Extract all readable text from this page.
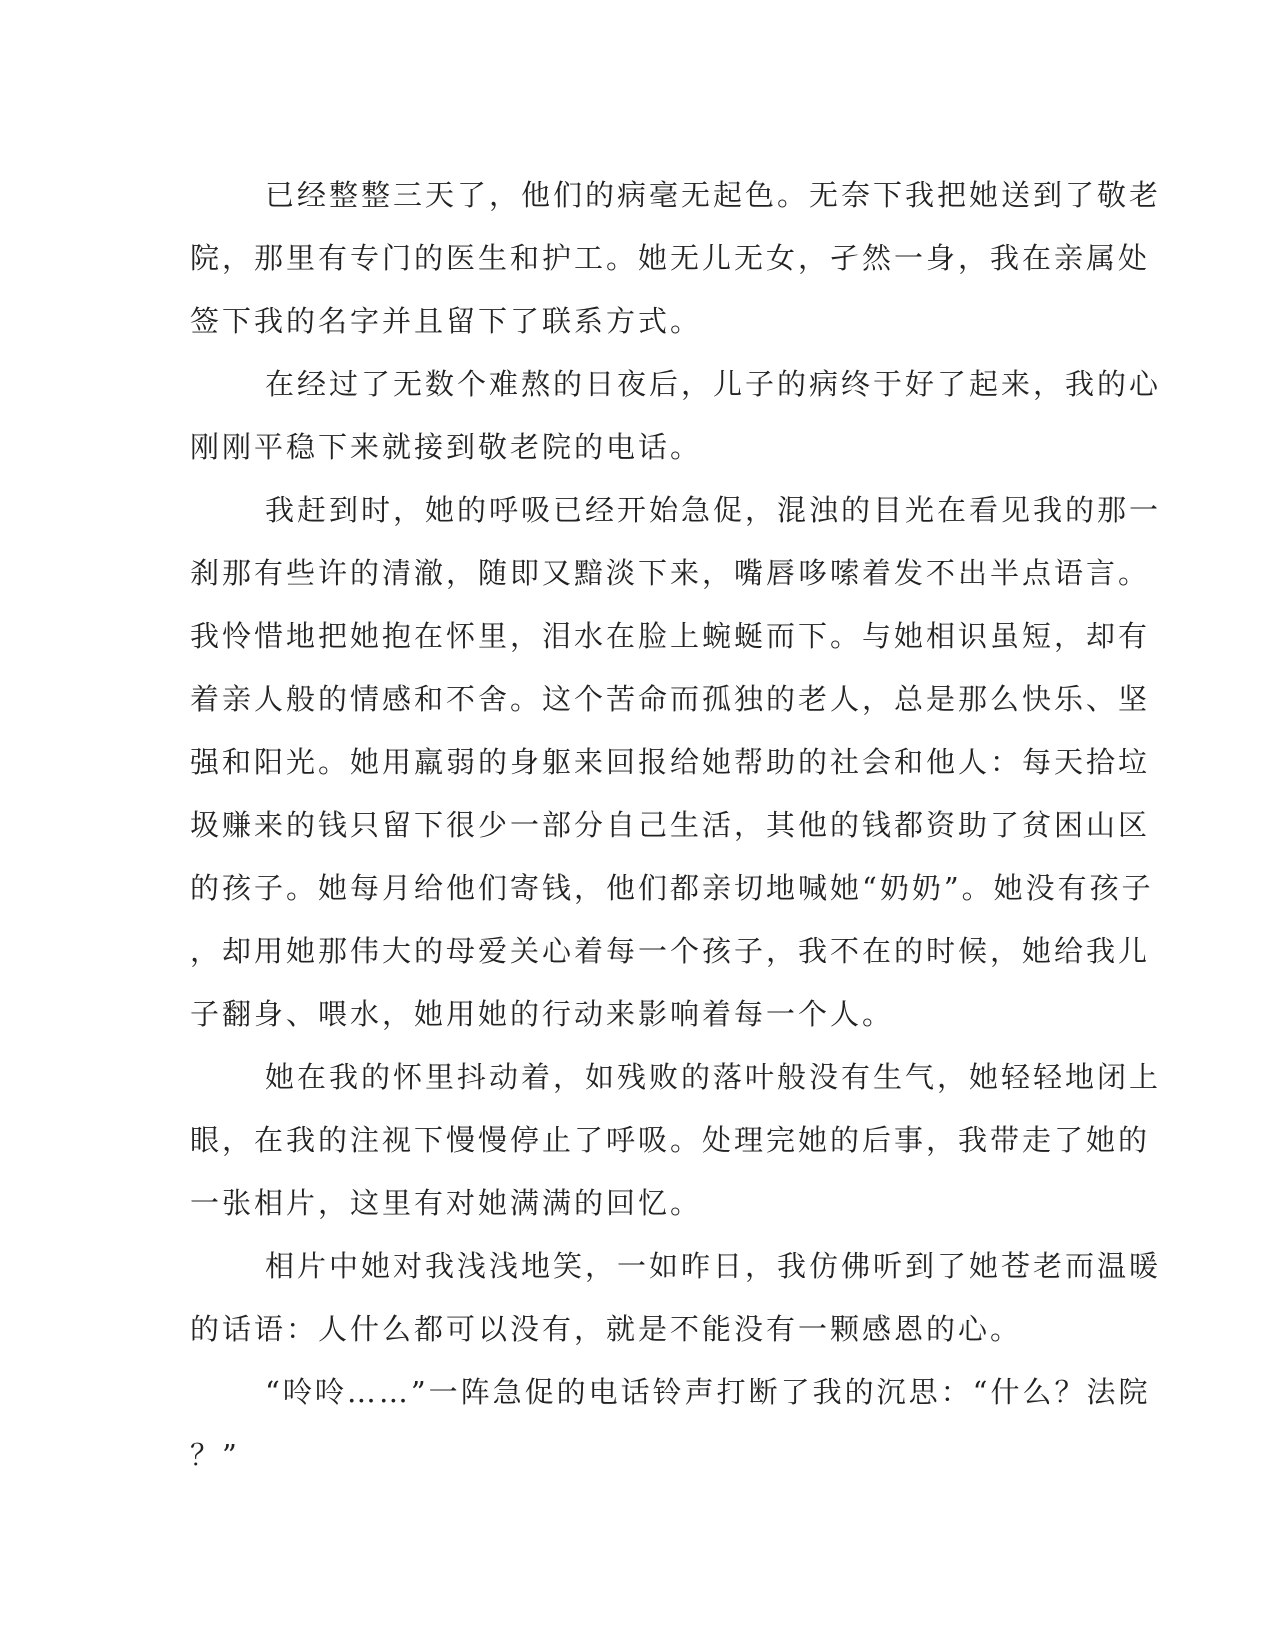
已经整整三天了，他们的病毫无起色。无奈下我把她送到了敬老
院，那里有专门的医生和护工。她无儿无女，孑然一身，我在亲属处
签下我的名字并且留下了联系方式。
在经过了无数个难熬的日夜后，儿子的病终于好了起来，我的心
刚刚平稳下来就接到敬老院的电话。
我赶到时，她的呼吸已经开始急促，混浊的目光在看见我的那一
刹那有些许的清澈，随即又黯淡下来，嘴唇哆嗦着发不出半点语言。
我怜惜地把她抱在怀里，泪水在脸上蜿蜒而下。与她相识虽短，却有
着亲人般的情感和不舍。这个苦命而孤独的老人，总是那么快乐、坚
强和阳光。她用羸弱的身躯来回报给她帮助的社会和他人：每天拾垃
圾赚来的钱只留下很少一部分自己生活，其他的钱都资助了贫困山区
的孩子。她每月给他们寄钱，他们都亲切地喊她“奶奶”。她没有孩子
，却用她那伟大的母爱关心着每一个孩子，我不在的时候，她给我儿
子翻身、喂水，她用她的行动来影响着每一个人。
她在我的怀里抖动着，如残败的落叶般没有生气，她轻轻地闭上
眼，在我的注视下慢慢停止了呼吸。处理完她的后事，我带走了她的
一张相片，这里有对她满满的回忆。
相片中她对我浅浅地笑，一如昨日，我仿佛听到了她苍老而温暖
的话语：人什么都可以没有，就是不能没有一颗感恩的心。
“呤呤……”一阵急促的电话铃声打断了我的沉思：“什么？法院
？”
